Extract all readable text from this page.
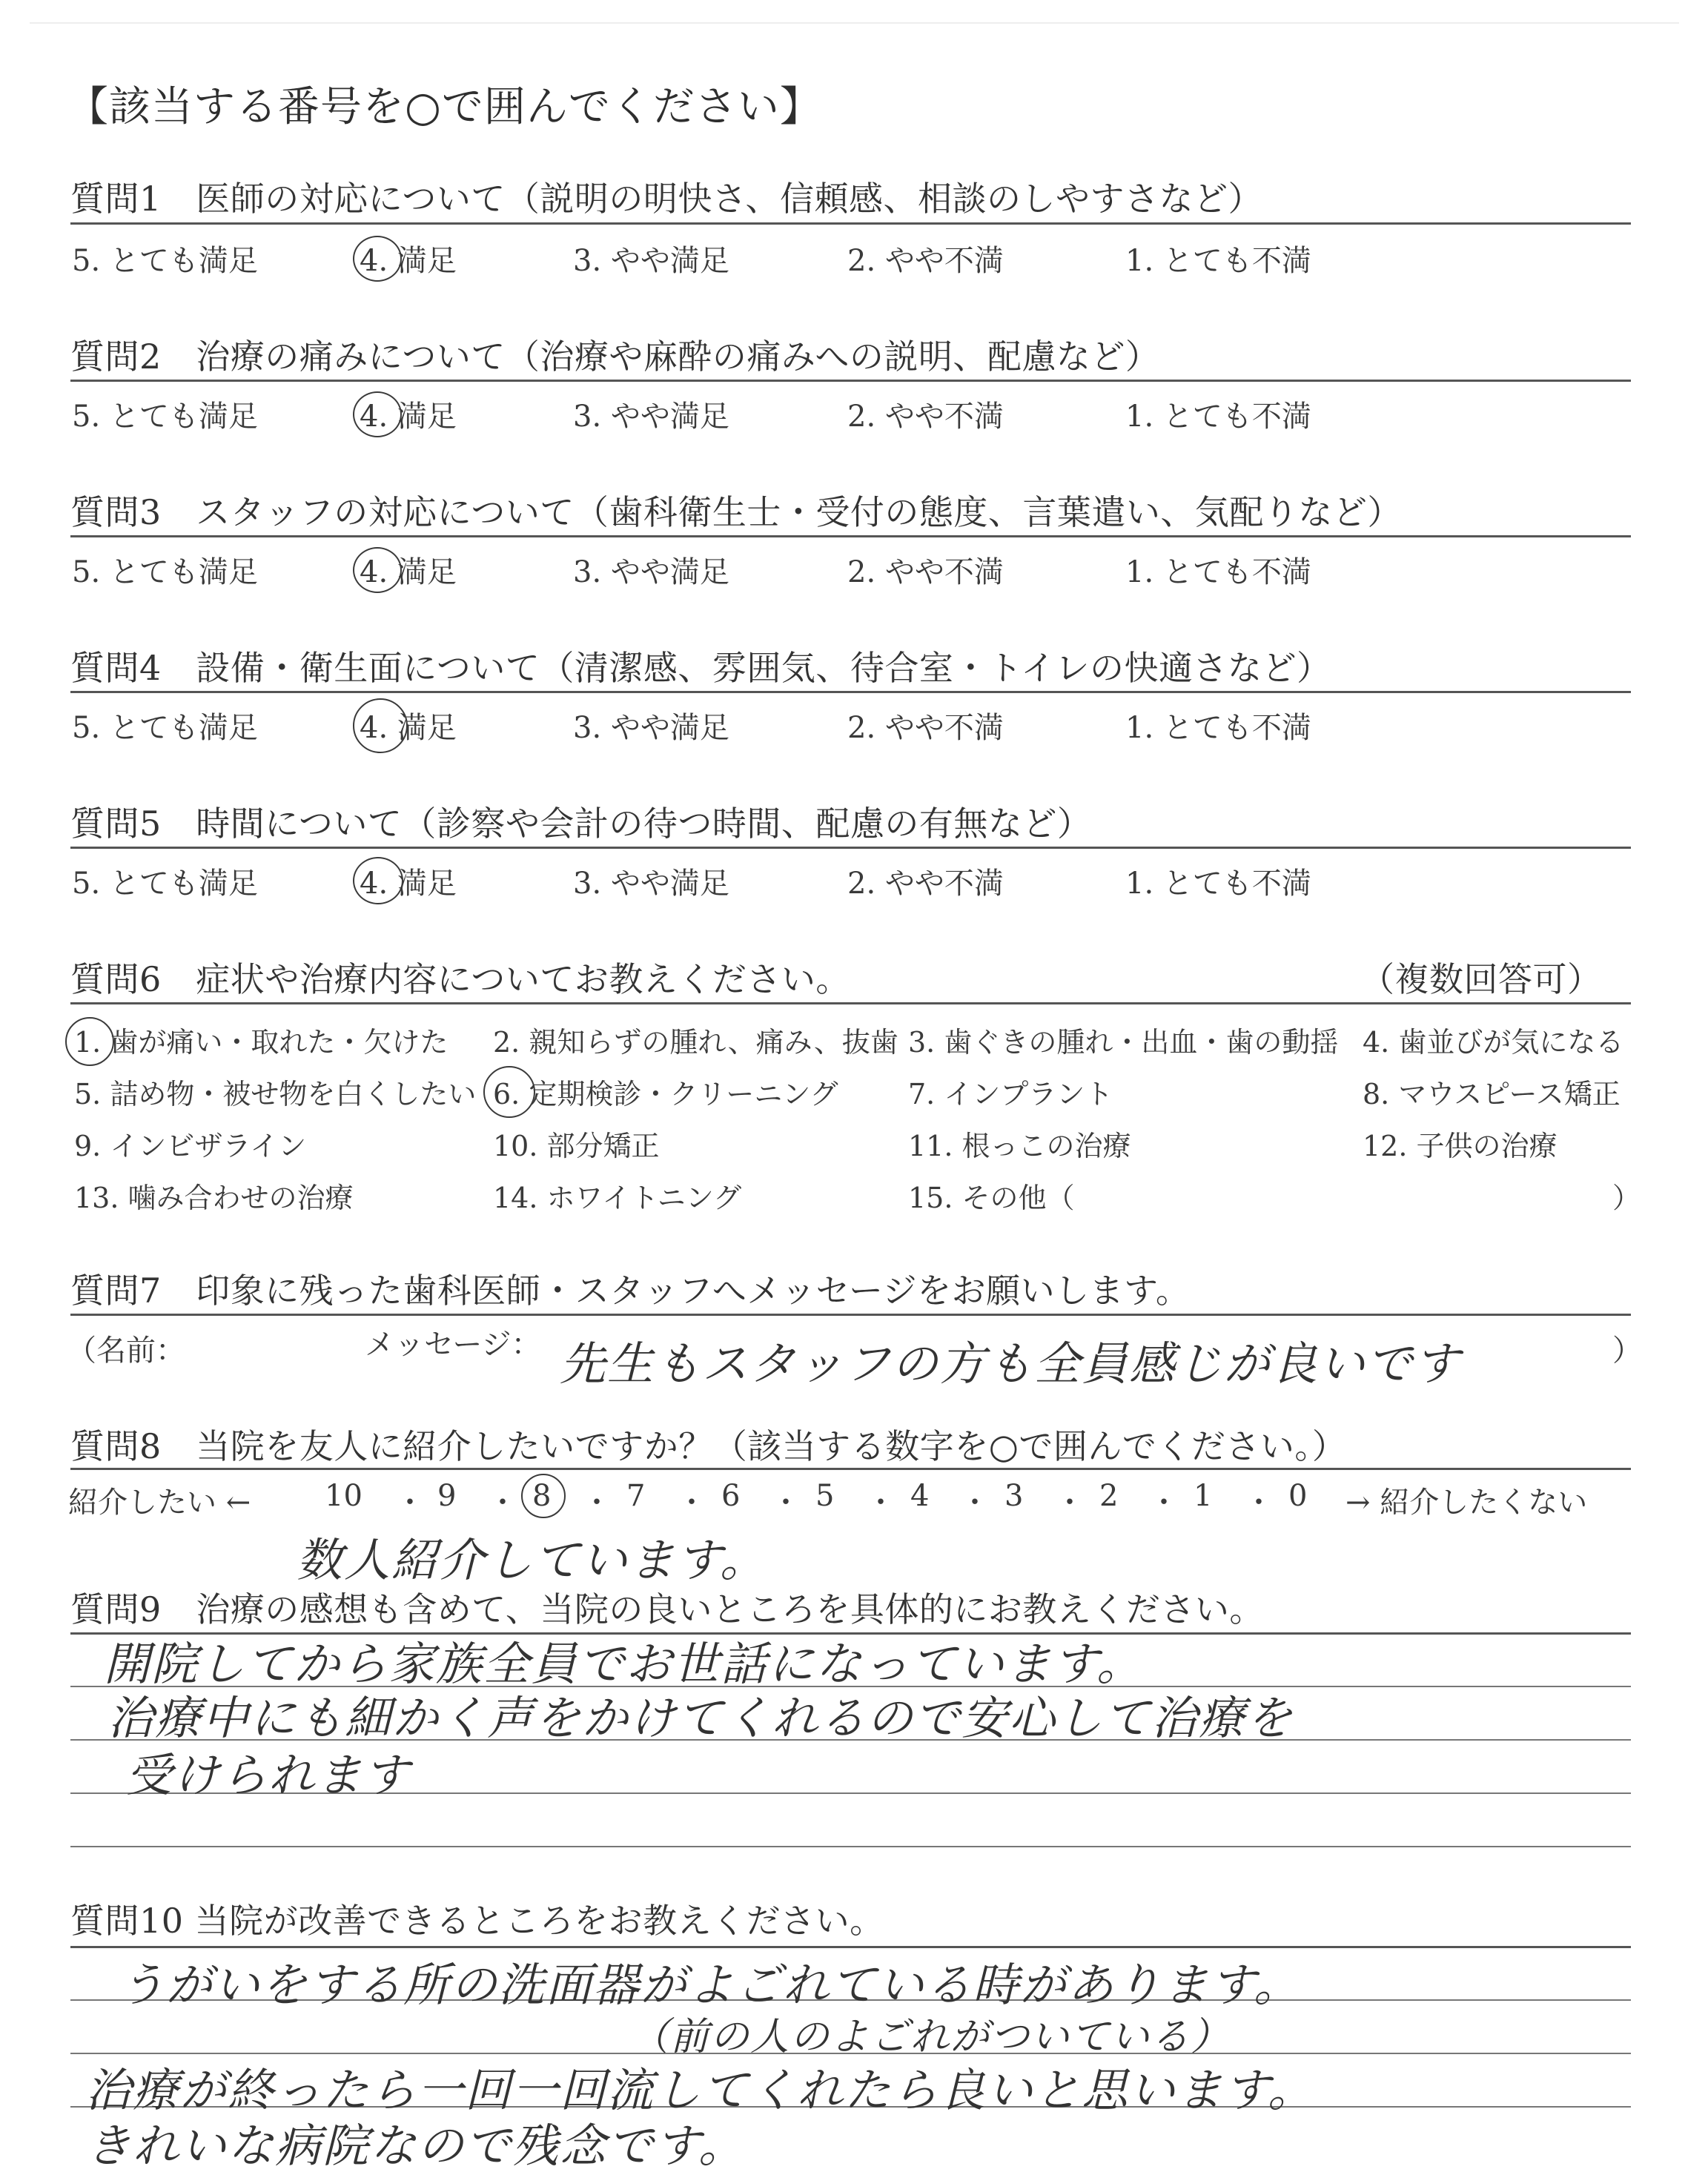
【該当する番号を○で囲んでください】
質問1　医師の対応について（説明の明快さ、信頼感、相談のしやすさなど）
5. とても満足	4. 満足	3. やや満足	2. やや不満	1. とても不満
質問2　治療の痛みについて（治療や麻酔の痛みへの説明、配慮など）
5. とても満足	4. 満足	3. やや満足	2. やや不満	1. とても不満
質問3　スタッフの対応について（歯科衛生士・受付の態度、言葉遣い、気配りなど）
5. とても満足	4. 満足	3. やや満足	2. やや不満	1. とても不満
質問4　設備・衛生面について（清潔感、雰囲気、待合室・トイレの快適さなど）
5. とても満足	4. 満足	3. やや満足	2. やや不満	1. とても不満
質問5　時間について（診察や会計の待つ時間、配慮の有無など）
5. とても満足	4. 満足	3. やや満足	2. やや不満	1. とても不満
質問6　症状や治療内容についてお教えください。	（複数回答可）
1. 歯が痛い・取れた・欠けた 2. 親知らずの腫れ、痛み、抜歯 3. 歯ぐきの腫れ・出血・歯の動揺 4. 歯並びが気になる
5. 詰め物・被せ物を白くしたい 6. 定期検診・クリーニング 7. インプラント	8. マウスピース矯正
9. インビザライン	10. 部分矯正	11. 根っこの治療	12. 子供の治療
13. 噛み合わせの治療	14. ホワイトニング	15. その他（	）
質問7　印象に残った歯科医師・スタッフへメッセージをお願いします。
（名前：	メッセージ：	）
先生もスタッフの方も全員感じが良いです
質問8　当院を友人に紹介したいですか？（該当する数字を○で囲んでください。）
紹介したい ← 10 ・ 9 ・ 8 ・ 7 ・ 6 ・ 5 ・ 4 ・ 3 ・ 2 ・ 1 ・ 0 → 紹介したくない
数人紹介しています。
質問9　治療の感想も含めて、当院の良いところを具体的にお教えください。
開院してから家族全員でお世話になっています。
治療中にも細かく声をかけてくれるので安心して治療を
受けられます
質問10 当院が改善できるところをお教えください。
うがいをする所の洗面器がよごれている時があります。
（前の人のよごれがついている）
治療が終ったら一回一回流してくれたら良いと思います。
きれいな病院なので残念です。
